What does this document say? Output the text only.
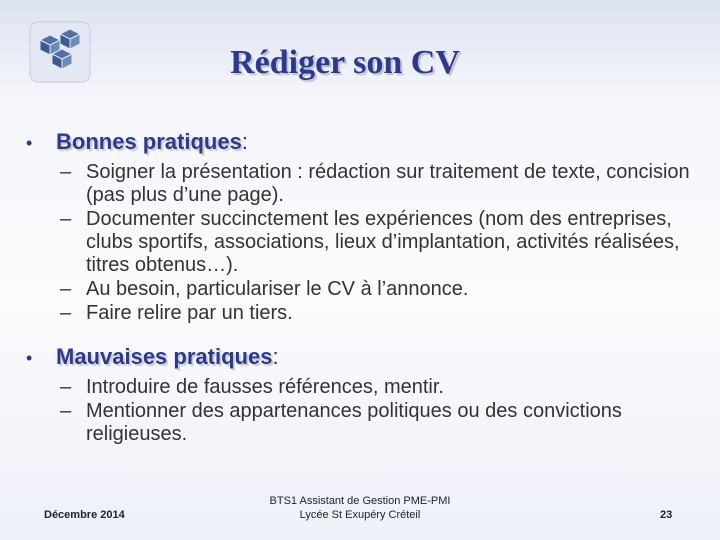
Rédiger son CV
•	Bonnes pratiques :
– Soigner la présentation : rédaction sur traitement de texte, concision (pas plus d’une page).
– Documenter succinctement les expériences (nom des entreprises, clubs sportifs, associations, lieux d’implantation, activités réalisées, titres obtenus…).
– Au besoin, particulariser le CV à l’annonce.
– Faire relire par un tiers.
•	Mauvaises pratiques :
– Introduire de fausses références, mentir.
– Mentionner des appartenances politiques ou des convictions religieuses.
Décembre 2014
BTS1 Assistant de Gestion PME-PMI
Lycée St Exupéry Créteil	23
